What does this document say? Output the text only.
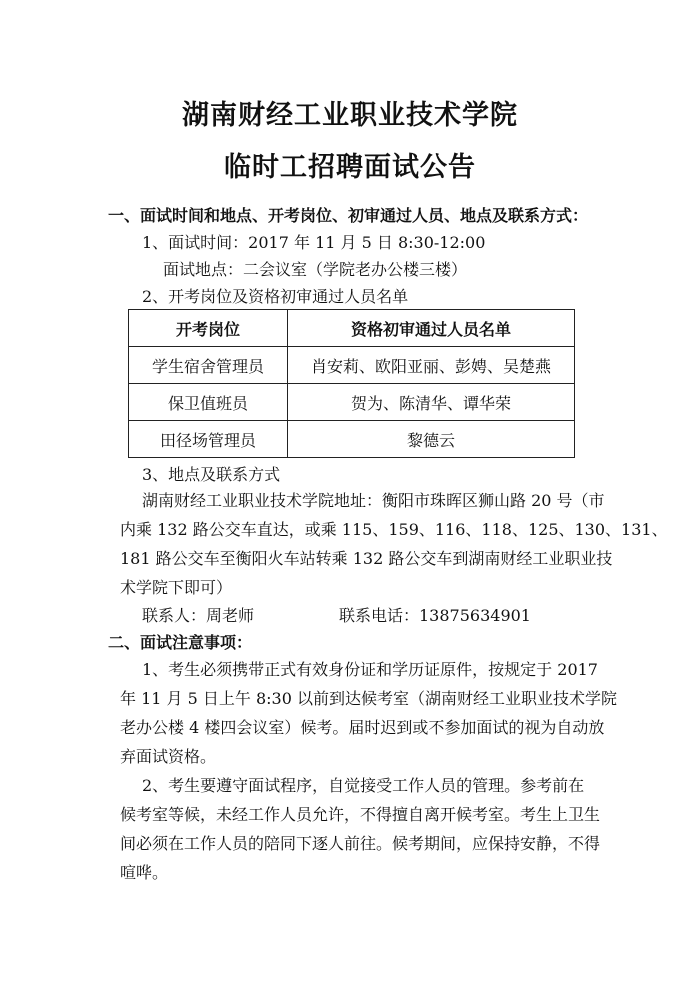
湖南财经工业职业技术学院
临时工招聘面试公告
一、面试时间和地点、开考岗位、初审通过人员、地点及联系方式：
1、面试时间：2017 年 11 月 5 日 8:30-12:00
面试地点：二会议室（学院老办公楼三楼）
2、开考岗位及资格初审通过人员名单
开考岗位	资格初审通过人员名单
学生宿舍管理员	肖安莉、欧阳亚丽、彭娉、吴楚燕
保卫值班员	贺为、陈清华、谭华荣
田径场管理员	黎德云
3、地点及联系方式
湖南财经工业职业技术学院地址：衡阳市珠晖区狮山路 20 号（市
内乘 132 路公交车直达，或乘 115、159、116、118、125、130、131、
181 路公交车至衡阳火车站转乘 132 路公交车到湖南财经工业职业技
术学院下即可）
联系人：周老师	联系电话：13875634901
二、面试注意事项：
1、考生必须携带正式有效身份证和学历证原件，按规定于 2017
年 11 月 5 日上午 8:30 以前到达候考室（湖南财经工业职业技术学院
老办公楼 4 楼四会议室）候考。届时迟到或不参加面试的视为自动放
弃面试资格。
2、考生要遵守面试程序，自觉接受工作人员的管理。参考前在
候考室等候，未经工作人员允许，不得擅自离开候考室。考生上卫生
间必须在工作人员的陪同下逐人前往。候考期间，应保持安静，不得
喧哗。
